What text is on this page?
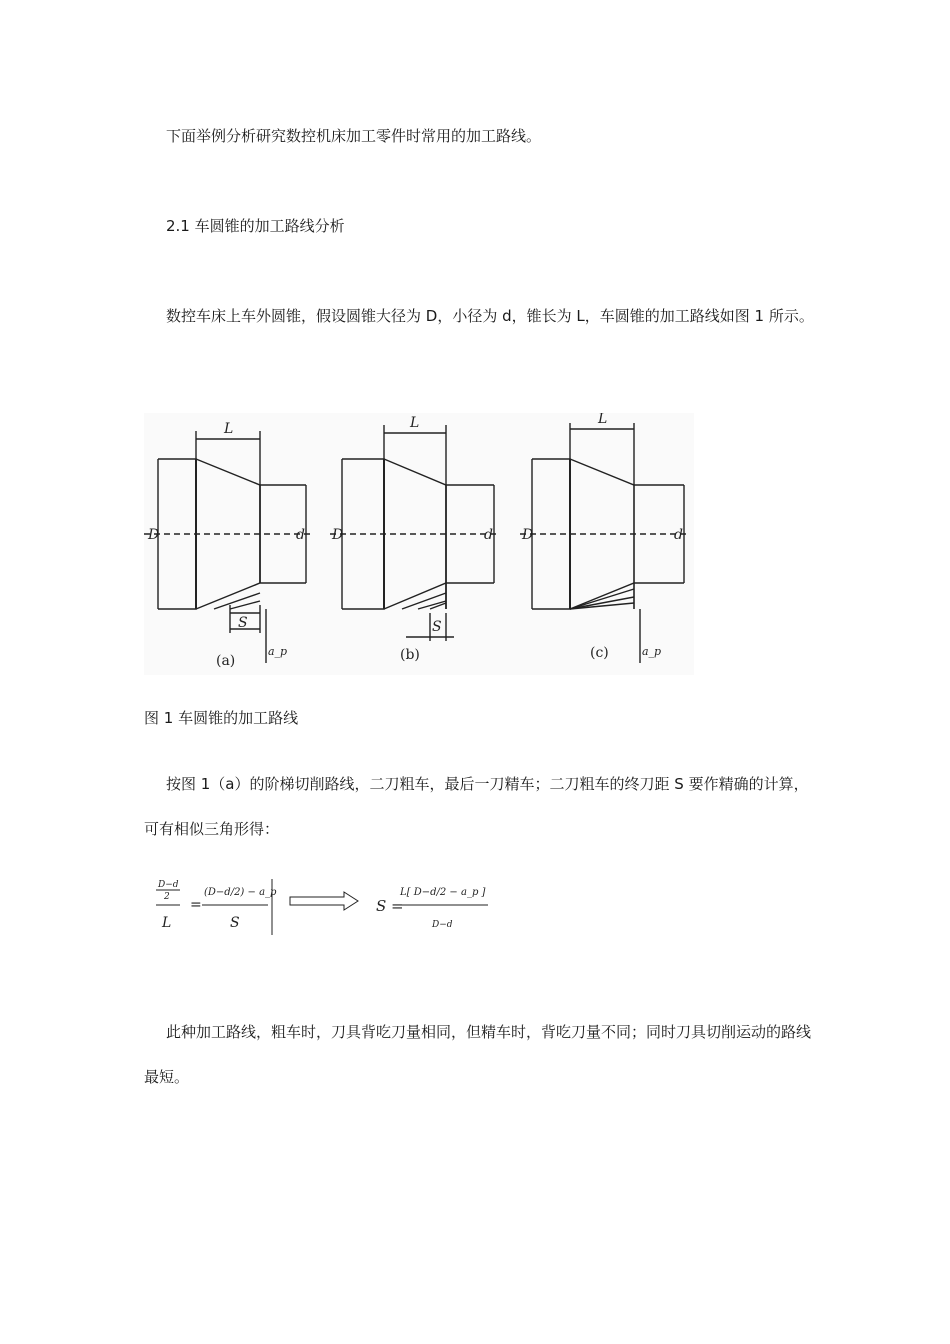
下面举例分析研究数控机床加工零件时常用的加工路线。

2.1 车圆锥的加工路线分析

数控车床上车外圆锥，假设圆锥大径为 D，小径为 d，锥长为 L，车圆锥的加工路线如图 1 所示。

L
D	d
S
a_p
(a)
L
D	d
S
(b)
L
D	d
a_p
(c)

图 1 车圆锥的加工路线

按图 1（a）的阶梯切削路线，二刀粗车，最后一刀精车；二刀粗车的终刀距 S 要作精确的计算，可有相似三角形得：

D−d
2
L
=
(D−d/2) − a_p
S
S =
L[ D−d/2 − a_p ]
D−d

此种加工路线，粗车时，刀具背吃刀量相同，但精车时，背吃刀量不同；同时刀具切削运动的路线最短。
